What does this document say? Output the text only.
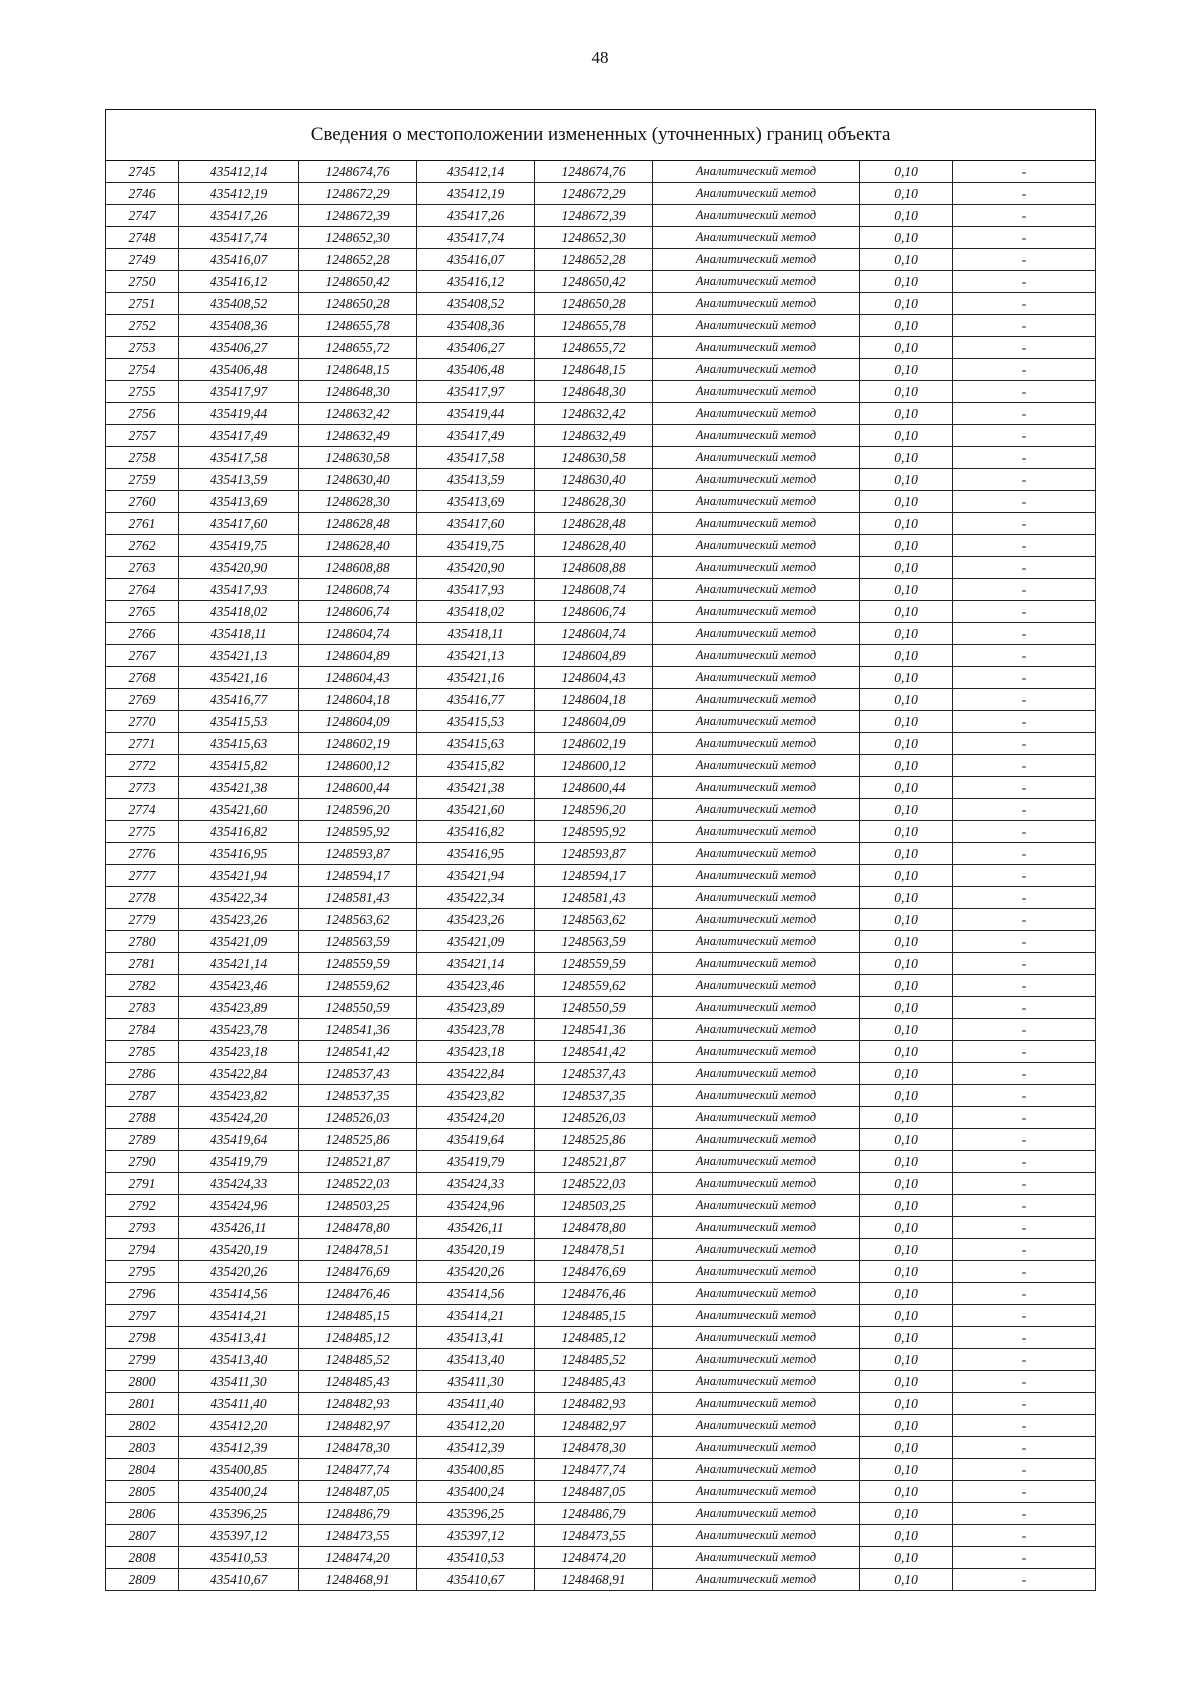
48
Сведения о местоположении измененных (уточненных) границ объекта							
2745	435412,14	1248674,76	435412,14	1248674,76	Аналитический метод	0,10	-
2746	435412,19	1248672,29	435412,19	1248672,29	Аналитический метод	0,10	-
2747	435417,26	1248672,39	435417,26	1248672,39	Аналитический метод	0,10	-
2748	435417,74	1248652,30	435417,74	1248652,30	Аналитический метод	0,10	-
2749	435416,07	1248652,28	435416,07	1248652,28	Аналитический метод	0,10	-
2750	435416,12	1248650,42	435416,12	1248650,42	Аналитический метод	0,10	-
2751	435408,52	1248650,28	435408,52	1248650,28	Аналитический метод	0,10	-
2752	435408,36	1248655,78	435408,36	1248655,78	Аналитический метод	0,10	-
2753	435406,27	1248655,72	435406,27	1248655,72	Аналитический метод	0,10	-
2754	435406,48	1248648,15	435406,48	1248648,15	Аналитический метод	0,10	-
2755	435417,97	1248648,30	435417,97	1248648,30	Аналитический метод	0,10	-
2756	435419,44	1248632,42	435419,44	1248632,42	Аналитический метод	0,10	-
2757	435417,49	1248632,49	435417,49	1248632,49	Аналитический метод	0,10	-
2758	435417,58	1248630,58	435417,58	1248630,58	Аналитический метод	0,10	-
2759	435413,59	1248630,40	435413,59	1248630,40	Аналитический метод	0,10	-
2760	435413,69	1248628,30	435413,69	1248628,30	Аналитический метод	0,10	-
2761	435417,60	1248628,48	435417,60	1248628,48	Аналитический метод	0,10	-
2762	435419,75	1248628,40	435419,75	1248628,40	Аналитический метод	0,10	-
2763	435420,90	1248608,88	435420,90	1248608,88	Аналитический метод	0,10	-
2764	435417,93	1248608,74	435417,93	1248608,74	Аналитический метод	0,10	-
2765	435418,02	1248606,74	435418,02	1248606,74	Аналитический метод	0,10	-
2766	435418,11	1248604,74	435418,11	1248604,74	Аналитический метод	0,10	-
2767	435421,13	1248604,89	435421,13	1248604,89	Аналитический метод	0,10	-
2768	435421,16	1248604,43	435421,16	1248604,43	Аналитический метод	0,10	-
2769	435416,77	1248604,18	435416,77	1248604,18	Аналитический метод	0,10	-
2770	435415,53	1248604,09	435415,53	1248604,09	Аналитический метод	0,10	-
2771	435415,63	1248602,19	435415,63	1248602,19	Аналитический метод	0,10	-
2772	435415,82	1248600,12	435415,82	1248600,12	Аналитический метод	0,10	-
2773	435421,38	1248600,44	435421,38	1248600,44	Аналитический метод	0,10	-
2774	435421,60	1248596,20	435421,60	1248596,20	Аналитический метод	0,10	-
2775	435416,82	1248595,92	435416,82	1248595,92	Аналитический метод	0,10	-
2776	435416,95	1248593,87	435416,95	1248593,87	Аналитический метод	0,10	-
2777	435421,94	1248594,17	435421,94	1248594,17	Аналитический метод	0,10	-
2778	435422,34	1248581,43	435422,34	1248581,43	Аналитический метод	0,10	-
2779	435423,26	1248563,62	435423,26	1248563,62	Аналитический метод	0,10	-
2780	435421,09	1248563,59	435421,09	1248563,59	Аналитический метод	0,10	-
2781	435421,14	1248559,59	435421,14	1248559,59	Аналитический метод	0,10	-
2782	435423,46	1248559,62	435423,46	1248559,62	Аналитический метод	0,10	-
2783	435423,89	1248550,59	435423,89	1248550,59	Аналитический метод	0,10	-
2784	435423,78	1248541,36	435423,78	1248541,36	Аналитический метод	0,10	-
2785	435423,18	1248541,42	435423,18	1248541,42	Аналитический метод	0,10	-
2786	435422,84	1248537,43	435422,84	1248537,43	Аналитический метод	0,10	-
2787	435423,82	1248537,35	435423,82	1248537,35	Аналитический метод	0,10	-
2788	435424,20	1248526,03	435424,20	1248526,03	Аналитический метод	0,10	-
2789	435419,64	1248525,86	435419,64	1248525,86	Аналитический метод	0,10	-
2790	435419,79	1248521,87	435419,79	1248521,87	Аналитический метод	0,10	-
2791	435424,33	1248522,03	435424,33	1248522,03	Аналитический метод	0,10	-
2792	435424,96	1248503,25	435424,96	1248503,25	Аналитический метод	0,10	-
2793	435426,11	1248478,80	435426,11	1248478,80	Аналитический метод	0,10	-
2794	435420,19	1248478,51	435420,19	1248478,51	Аналитический метод	0,10	-
2795	435420,26	1248476,69	435420,26	1248476,69	Аналитический метод	0,10	-
2796	435414,56	1248476,46	435414,56	1248476,46	Аналитический метод	0,10	-
2797	435414,21	1248485,15	435414,21	1248485,15	Аналитический метод	0,10	-
2798	435413,41	1248485,12	435413,41	1248485,12	Аналитический метод	0,10	-
2799	435413,40	1248485,52	435413,40	1248485,52	Аналитический метод	0,10	-
2800	435411,30	1248485,43	435411,30	1248485,43	Аналитический метод	0,10	-
2801	435411,40	1248482,93	435411,40	1248482,93	Аналитический метод	0,10	-
2802	435412,20	1248482,97	435412,20	1248482,97	Аналитический метод	0,10	-
2803	435412,39	1248478,30	435412,39	1248478,30	Аналитический метод	0,10	-
2804	435400,85	1248477,74	435400,85	1248477,74	Аналитический метод	0,10	-
2805	435400,24	1248487,05	435400,24	1248487,05	Аналитический метод	0,10	-
2806	435396,25	1248486,79	435396,25	1248486,79	Аналитический метод	0,10	-
2807	435397,12	1248473,55	435397,12	1248473,55	Аналитический метод	0,10	-
2808	435410,53	1248474,20	435410,53	1248474,20	Аналитический метод	0,10	-
2809	435410,67	1248468,91	435410,67	1248468,91	Аналитический метод	0,10	-
